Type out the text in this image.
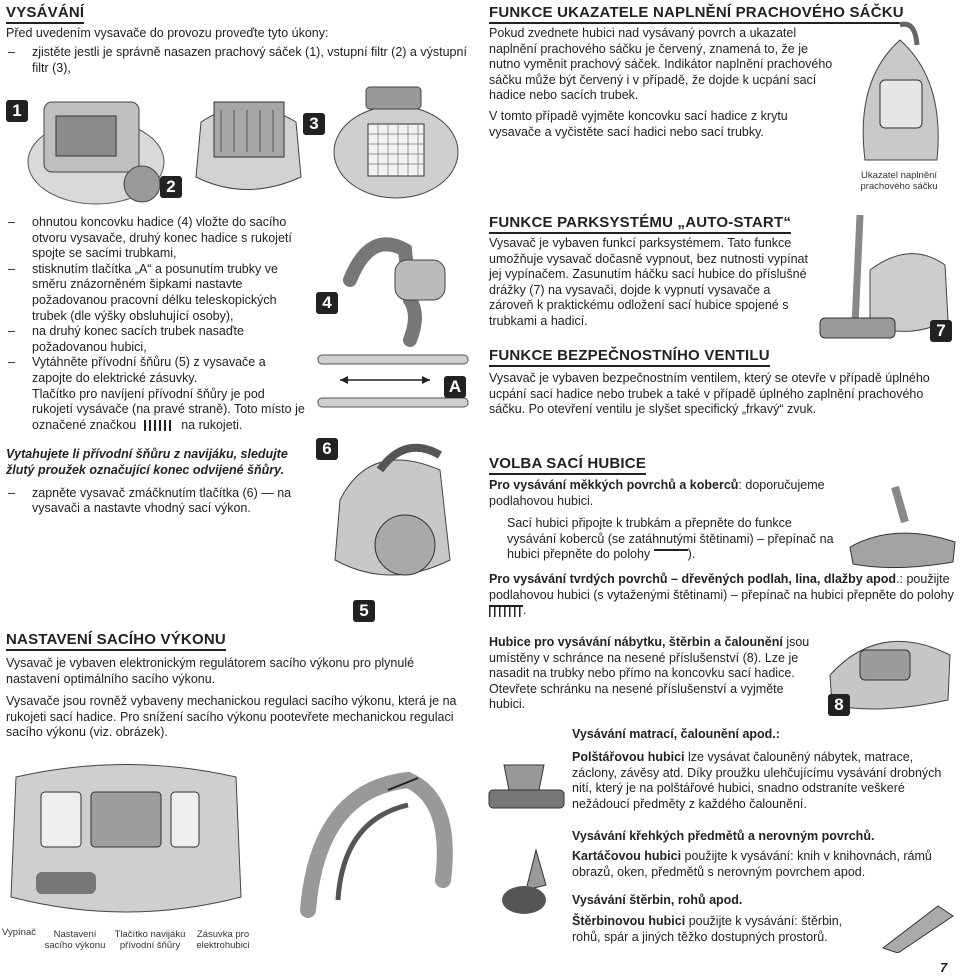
VYSÁVÁNÍ

Před uvedením vysavače do provozu proveďte tyto úkony:

– zjistěte jestli je správně nasazen prachový sáček (1), vstupní filtr (2) a výstupní filtr (3),

1
2
3

– ohnutou koncovku hadice (4) vložte do sacího otvoru vysavače, druhý konec hadice s rukojetí spojte se sacími trubkami,

– stisknutím tlačítka „A“ a posunutím trubky ve směru znázorněném šipkami nastavte požadovanou pracovní délku teleskopických trubek (dle výšky obsluhující osoby),

– na druhý konec sacích trubek nasaďte požadovanou hubici,

– Vytáhněte přívodní šňůru (5) z vysavače a zapojte do elektrické zásuvky.

Tlačítko pro navíjení přívodní šňůry je pod rukojetí vysávače (na pravé straně). Toto místo je označené značkou	na rukojeti.

Vytahujete li přívodní šňůru z navijáku, sledujte žlutý proužek označující konec odvijené šňůry.

– zapněte vysavač zmáčknutím tlačítka (6) — na vysavači a nastavte vhodný sací výkon.

4
A
6
5
NASTAVENÍ SACÍHO VÝKONU

Vysavač je vybaven elektronickým regulátorem sacího výkonu pro plynulé nastavení optimálního sacího výkonu.

Vysavače jsou rovněž vybaveny mechanickou regulaci sacího výkonu, která je na rukojeti sací hadice. Pro snížení sacího výkonu pootevřete mechanickou regulaci sacího výkonu (viz. obrázek).

Vypínač	Nastavení sacího výkonu
Tlačítko navijáku přívodní šňůry
Zásuvka pro elektrohubici
FUNKCE UKAZATELE NAPLNĚNÍ PRACHOVÉHO SÁČKU

Pokud zvednete hubici nad vysávaný povrch a ukazatel naplnění prachového sáčku je červený, znamená to, že je nutno vyměnit prachový sáček. Indikátor naplnění prachového sáčku může být červený i v případě, že dojde k ucpání sací hadice nebo sacích trubek.

V tomto případě vyjměte koncovku sací hadice z krytu vysavače a vyčistěte sací hadici nebo sací trubky.

Ukazatel naplnění prachového sáčku
FUNKCE PARKSYSTÉMU „AUTO-START“

Vysavač je vybaven funkcí parksystémem. Tato funkce umožňuje vysavač dočasně vypnout, bez nutnosti vypínat jej vypínačem. Zasunutím háčku sací hubice do příslušné drážky (7) na vysavači, dojde k vypnutí vysavače a zároveň k praktickému odložení sací hubice spojené s trubkami a hadicí.

7
FUNKCE BEZPEČNOSTNÍHO VENTILU

Vysavač je vybaven bezpečnostním ventilem, který se otevře v případě úplného ucpání sací hadice nebo trubek a také v případě úplného zaplnění prachového sáčku. Po otevření ventilu je slyšet specifický „frkavý“ zvuk.

VOLBA SACÍ HUBICE

Pro vysávání měkkých povrchů a koberců: doporučujeme podlahovou hubici.

Sací hubici připojte k trubkám a přepněte do funkce vysávání koberců (se zatáhnutými štětinami) – přepínač na hubici přepněte do polohy	).

Pro vysávání tvrdých povrchů – dřevěných podlah, lina, dlažby apod.: použijte podlahovou hubici (s vytaženými štětinami) – přepínač na hubici přepněte do polohy .

Hubice pro vysávání nábytku, štěrbin a čalounění jsou umístěny v schránce na nesené příslušenství (8). Lze je nasadit na trubky nebo přímo na koncovku sací hadice. Otevřete schránku na nesené příslušenství a vyjměte hubici.	8

Vysávání matrací, čalounění apod.:

Polštářovou hubici lze vysávat čalouněný nábytek, matrace, záclony, závěsy atd. Díky proužku ulehčujícímu vysávání drobných nití, který je na polštářové hubici, snadno odstraníte veškeré nežádoucí předměty z každého čalounění.

Vysávání křehkých předmětů a nerovným povrchů.

Kartáčovou hubici použijte k vysávání: knih v knihovnách, rámů obrazů, oken, předmětů s nerovným povrchem apod.

Vysávání štěrbin, rohů apod.

Štěrbinovou hubici použijte k vysávání: štěrbin, rohů, spár a jiných těžko dostupných prostorů.

7
